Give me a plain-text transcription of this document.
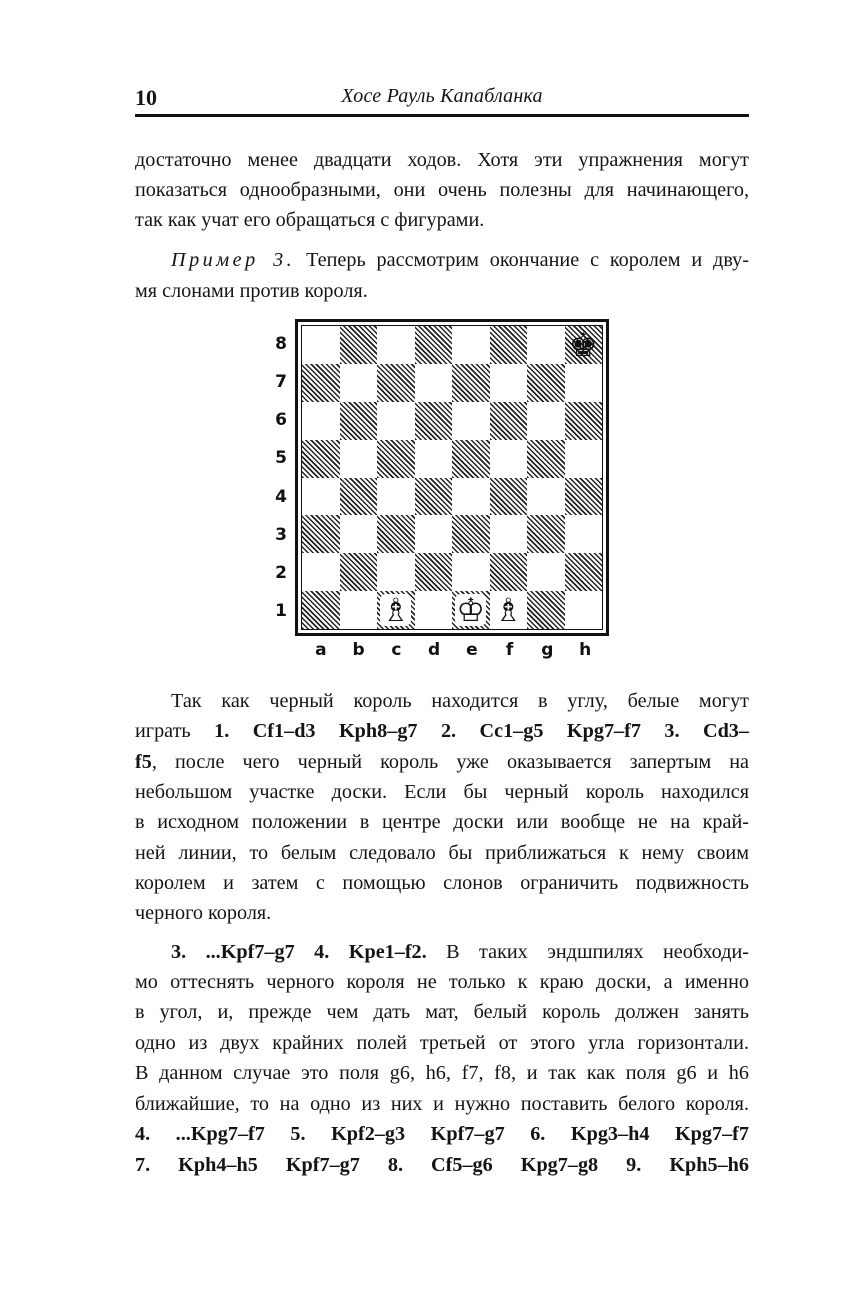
10	Хосе Рауль Капабланка

достаточно менее двадцати ходов. Хотя эти упражнения могут

показаться однообразными, они очень полезны для начинающего,

так как учат его обращаться с фигурами.

Пример 3. Теперь рассмотрим окончание с королем и дву-

мя слонами против короля.

♚
♗ ♔ ♗
8
7
6
5
4
3
2
1
a b c d e	f	g h

Так как черный король находится в углу, белые могут

играть 1. Cf1–d3 Kph8–g7 2. Cc1–g5 Kpg7–f7 3. Cd3–

f5, после чего черный король уже оказывается запертым на

небольшом участке доски. Если бы черный король находился

в исходном положении в центре доски или вообще не на край-

ней линии, то белым следовало бы приближаться к нему своим

королем и затем с помощью слонов ограничить подвижность

черного короля.

3. ...Kpf7–g7 4. Kpe1–f2. В таких эндшпилях необходи-

мо оттеснять черного короля не только к краю доски, а именно

в угол, и, прежде чем дать мат, белый король должен занять

одно из двух крайних полей третьей от этого угла горизонтали.

В данном случае это поля g6, h6, f7, f8, и так как поля g6 и h6

ближайшие, то на одно из них и нужно поставить белого короля.

4. ...Kpg7–f7 5. Kpf2–g3 Kpf7–g7 6. Kpg3–h4 Kpg7–f7

7. Kph4–h5 Kpf7–g7 8. Cf5–g6 Kpg7–g8 9. Kph5–h6
